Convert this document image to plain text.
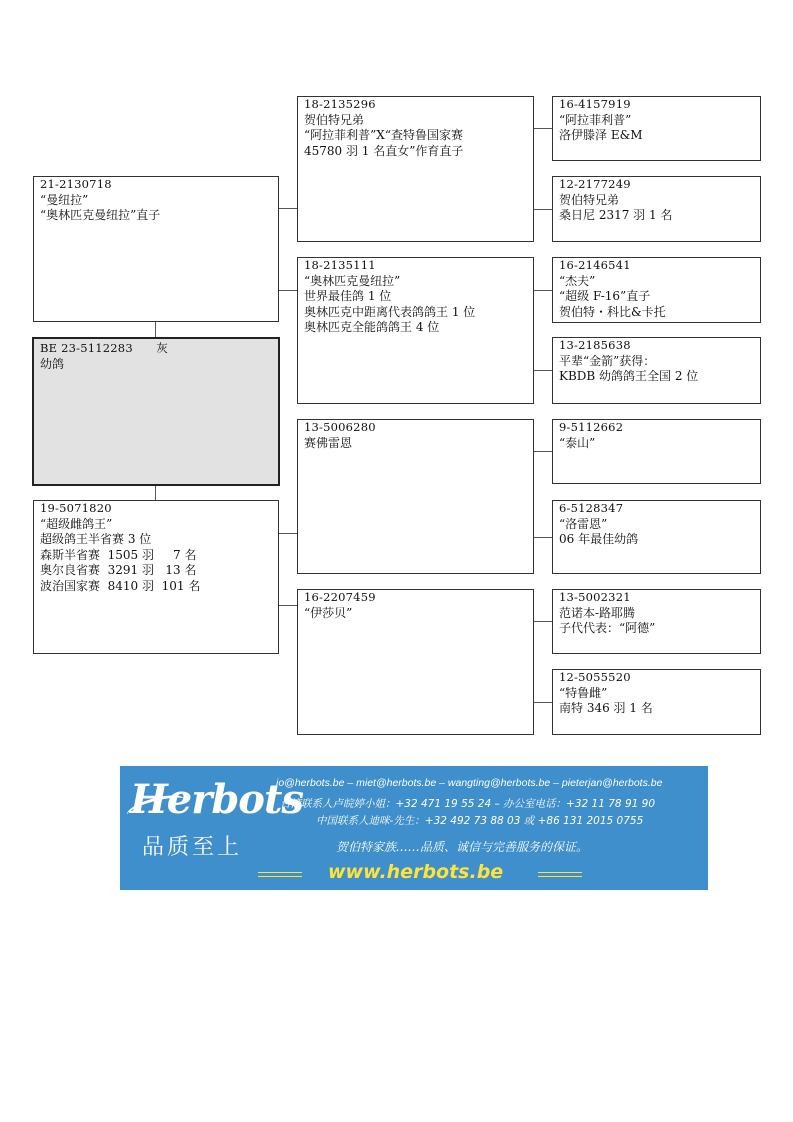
BE 23-5112283　　灰
幼鸽
21-2130718
“曼纽拉”
“奥林匹克曼纽拉”直子
19-5071820
“超级雌鸽王”
超级鸽王半省赛 3 位
森斯半省赛  1505 羽     7 名
奥尔良省赛  3291 羽   13 名
波治国家赛  8410 羽  101 名
18-2135296
贺伯特兄弟
“阿拉菲利普”X“查特鲁国家赛
45780 羽 1 名直女”作育直子
18-2135111
“奥林匹克曼纽拉”
世界最佳鸽 1 位
奥林匹克中距离代表鸽鸽王 1 位
奥林匹克全能鸽鸽王 4 位
13-5006280
赛佛雷恩
16-2207459
“伊莎贝”
16-4157919
“阿拉菲利普”
洛伊滕泽 E&M
12-2177249
贺伯特兄弟
桑日尼 2317 羽 1 名
16-2146541
“杰夫”
“超级 F-16”直子
贺伯特・科比&卡托
13-2185638
平辈“金箭”获得：
KBDB 幼鸽鸽王全国 2 位
9-5112662
“泰山”
6-5128347
“洛雷恩”
06 年最佳幼鸽
13-5002321
范诺本-路耶腾
子代代表：“阿德”
12-5055520
“特鲁雌”
南特 346 羽 1 名
Herbots
品质至上
jo@herbots.be – miet@herbots.be – wangting@herbots.be – pieterjan@herbots.be
台湾联系人卢皖婷小姐：+32 471 19 55 24 – 办公室电话：+32 11 78 91 90
中国联系人迪咪-先生：+32 492 73 88 03 或 +86 131 2015 0755
贺伯特家族……品质、诚信与完善服务的保证。
www.herbots.be
